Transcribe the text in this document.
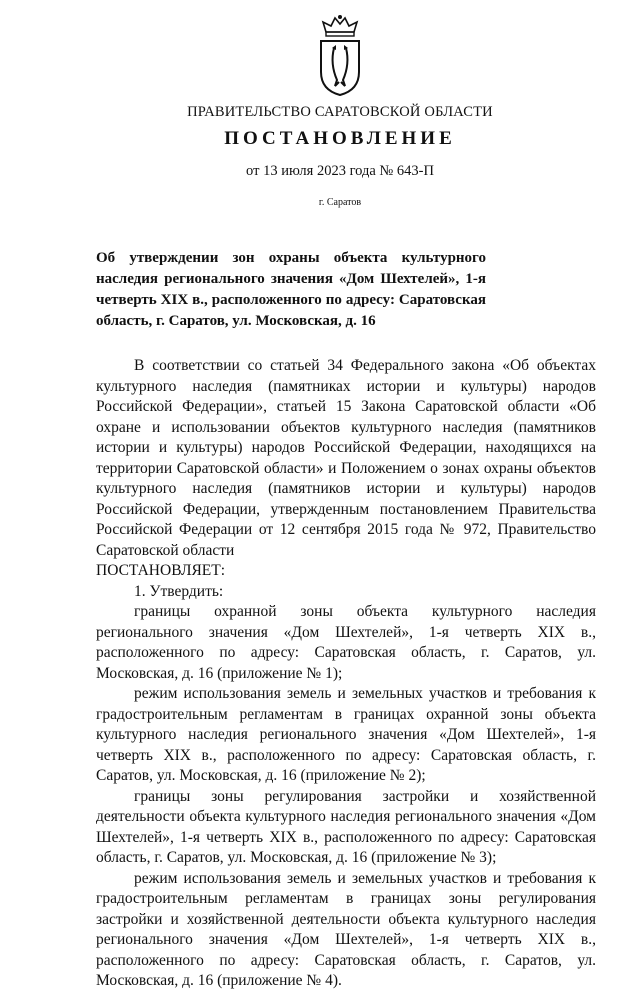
ПРАВИТЕЛЬСТВО САРАТОВСКОЙ ОБЛАСТИ
ПОСТАНОВЛЕНИЕ
от 13 июля 2023 года № 643-П
г. Саратов
Об утверждении зон охраны объекта культурного наследия регионального значения «Дом Шехтелей», 1-я четверть XIX в., расположенного по адресу: Саратовская область, г. Саратов, ул. Московская, д. 16

В соответствии со статьей 34 Федерального закона «Об объектах культурного наследия (памятниках истории и культуры) народов Российской Федерации», статьей 15 Закона Саратовской области «Об охране и использовании объектов культурного наследия (памятников истории и культуры) народов Российской Федерации, находящихся на территории Саратовской области» и Положением о зонах охраны объектов культурного наследия (памятников истории и культуры) народов Российской Федерации, утвержденным постановлением Правительства Российской Федерации от 12 сентября 2015 года № 972, Правительство Саратовской области

ПОСТАНОВЛЯЕТ:

1. Утвердить:

границы охранной зоны объекта культурного наследия регионального значения «Дом Шехтелей», 1-я четверть XIX в., расположенного по адресу: Саратовская область, г. Саратов, ул. Московская, д. 16 (приложение № 1);

режим использования земель и земельных участков и требования к градостроительным регламентам в границах охранной зоны объекта культурного наследия регионального значения «Дом Шехтелей», 1-я четверть XIX в., расположенного по адресу: Саратовская область, г. Саратов, ул. Московская, д. 16 (приложение № 2);

границы зоны регулирования застройки и хозяйственной деятельности объекта культурного наследия регионального значения «Дом Шехтелей», 1-я четверть XIX в., расположенного по адресу: Саратовская область, г. Саратов, ул. Московская, д. 16 (приложение № 3);

режим использования земель и земельных участков и требования к градостроительным регламентам в границах зоны регулирования застройки и хозяйственной деятельности объекта культурного наследия регионального значения «Дом Шехтелей», 1-я четверть XIX в., расположенного по адресу: Саратовская область, г. Саратов, ул. Московская, д. 16 (приложение № 4).
